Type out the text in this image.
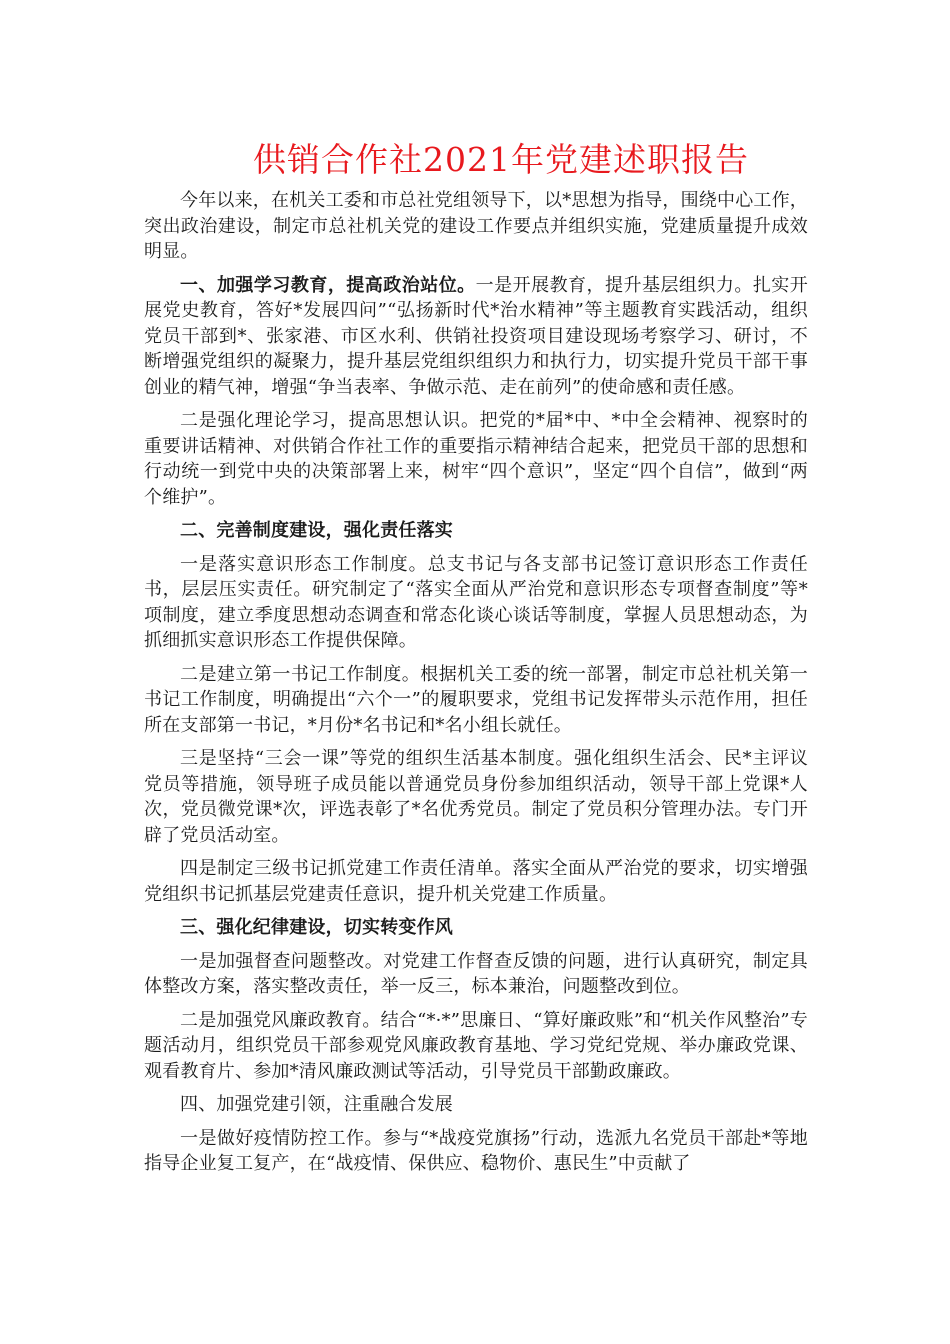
供销合作社2021年党建述职报告

今年以来，在机关工委和市总社党组领导下，以*思想为指导，围绕中心工作，突出政治建设，制定市总社机关党的建设工作要点并组织实施，党建质量提升成效明显。

一、加强学习教育，提高政治站位。一是开展教育，提升基层组织力。扎实开展党史教育，答好*发展四问”“弘扬新时代*治水精神”等主题教育实践活动，组织党员干部到*、张家港、市区水利、供销社投资项目建设现场考察学习、研讨，不断增强党组织的凝聚力，提升基层党组织组织力和执行力，切实提升党员干部干事创业的精气神，增强“争当表率、争做示范、走在前列”的使命感和责任感。

二是强化理论学习，提高思想认识。把党的*届*中、*中全会精神、视察时的重要讲话精神、对供销合作社工作的重要指示精神结合起来，把党员干部的思想和行动统一到党中央的决策部署上来，树牢“四个意识”，坚定“四个自信”，做到“两个维护”。

二、完善制度建设，强化责任落实

一是落实意识形态工作制度。总支书记与各支部书记签订意识形态工作责任书，层层压实责任。研究制定了“落实全面从严治党和意识形态专项督查制度”等*项制度，建立季度思想动态调查和常态化谈心谈话等制度，掌握人员思想动态，为抓细抓实意识形态工作提供保障。

二是建立第一书记工作制度。根据机关工委的统一部署，制定市总社机关第一书记工作制度，明确提出“六个一”的履职要求，党组书记发挥带头示范作用，担任所在支部第一书记，*月份*名书记和*名小组长就任。

三是坚持“三会一课”等党的组织生活基本制度。强化组织生活会、民*主评议党员等措施，领导班子成员能以普通党员身份参加组织活动，领导干部上党课*人次，党员微党课*次，评选表彰了*名优秀党员。制定了党员积分管理办法。专门开辟了党员活动室。

四是制定三级书记抓党建工作责任清单。落实全面从严治党的要求，切实增强党组织书记抓基层党建责任意识，提升机关党建工作质量。

三、强化纪律建设，切实转变作风

一是加强督查问题整改。对党建工作督查反馈的问题，进行认真研究，制定具体整改方案，落实整改责任，举一反三，标本兼治，问题整改到位。

二是加强党风廉政教育。结合“*·*”思廉日、“算好廉政账”和“机关作风整治”专题活动月，组织党员干部参观党风廉政教育基地、学习党纪党规、举办廉政党课、观看教育片、参加*清风廉政测试等活动，引导党员干部勤政廉政。

四、加强党建引领，注重融合发展

一是做好疫情防控工作。参与“*战疫党旗扬”行动，选派九名党员干部赴*等地指导企业复工复产，在“战疫情、保供应、稳物价、惠民生”中贡献了
